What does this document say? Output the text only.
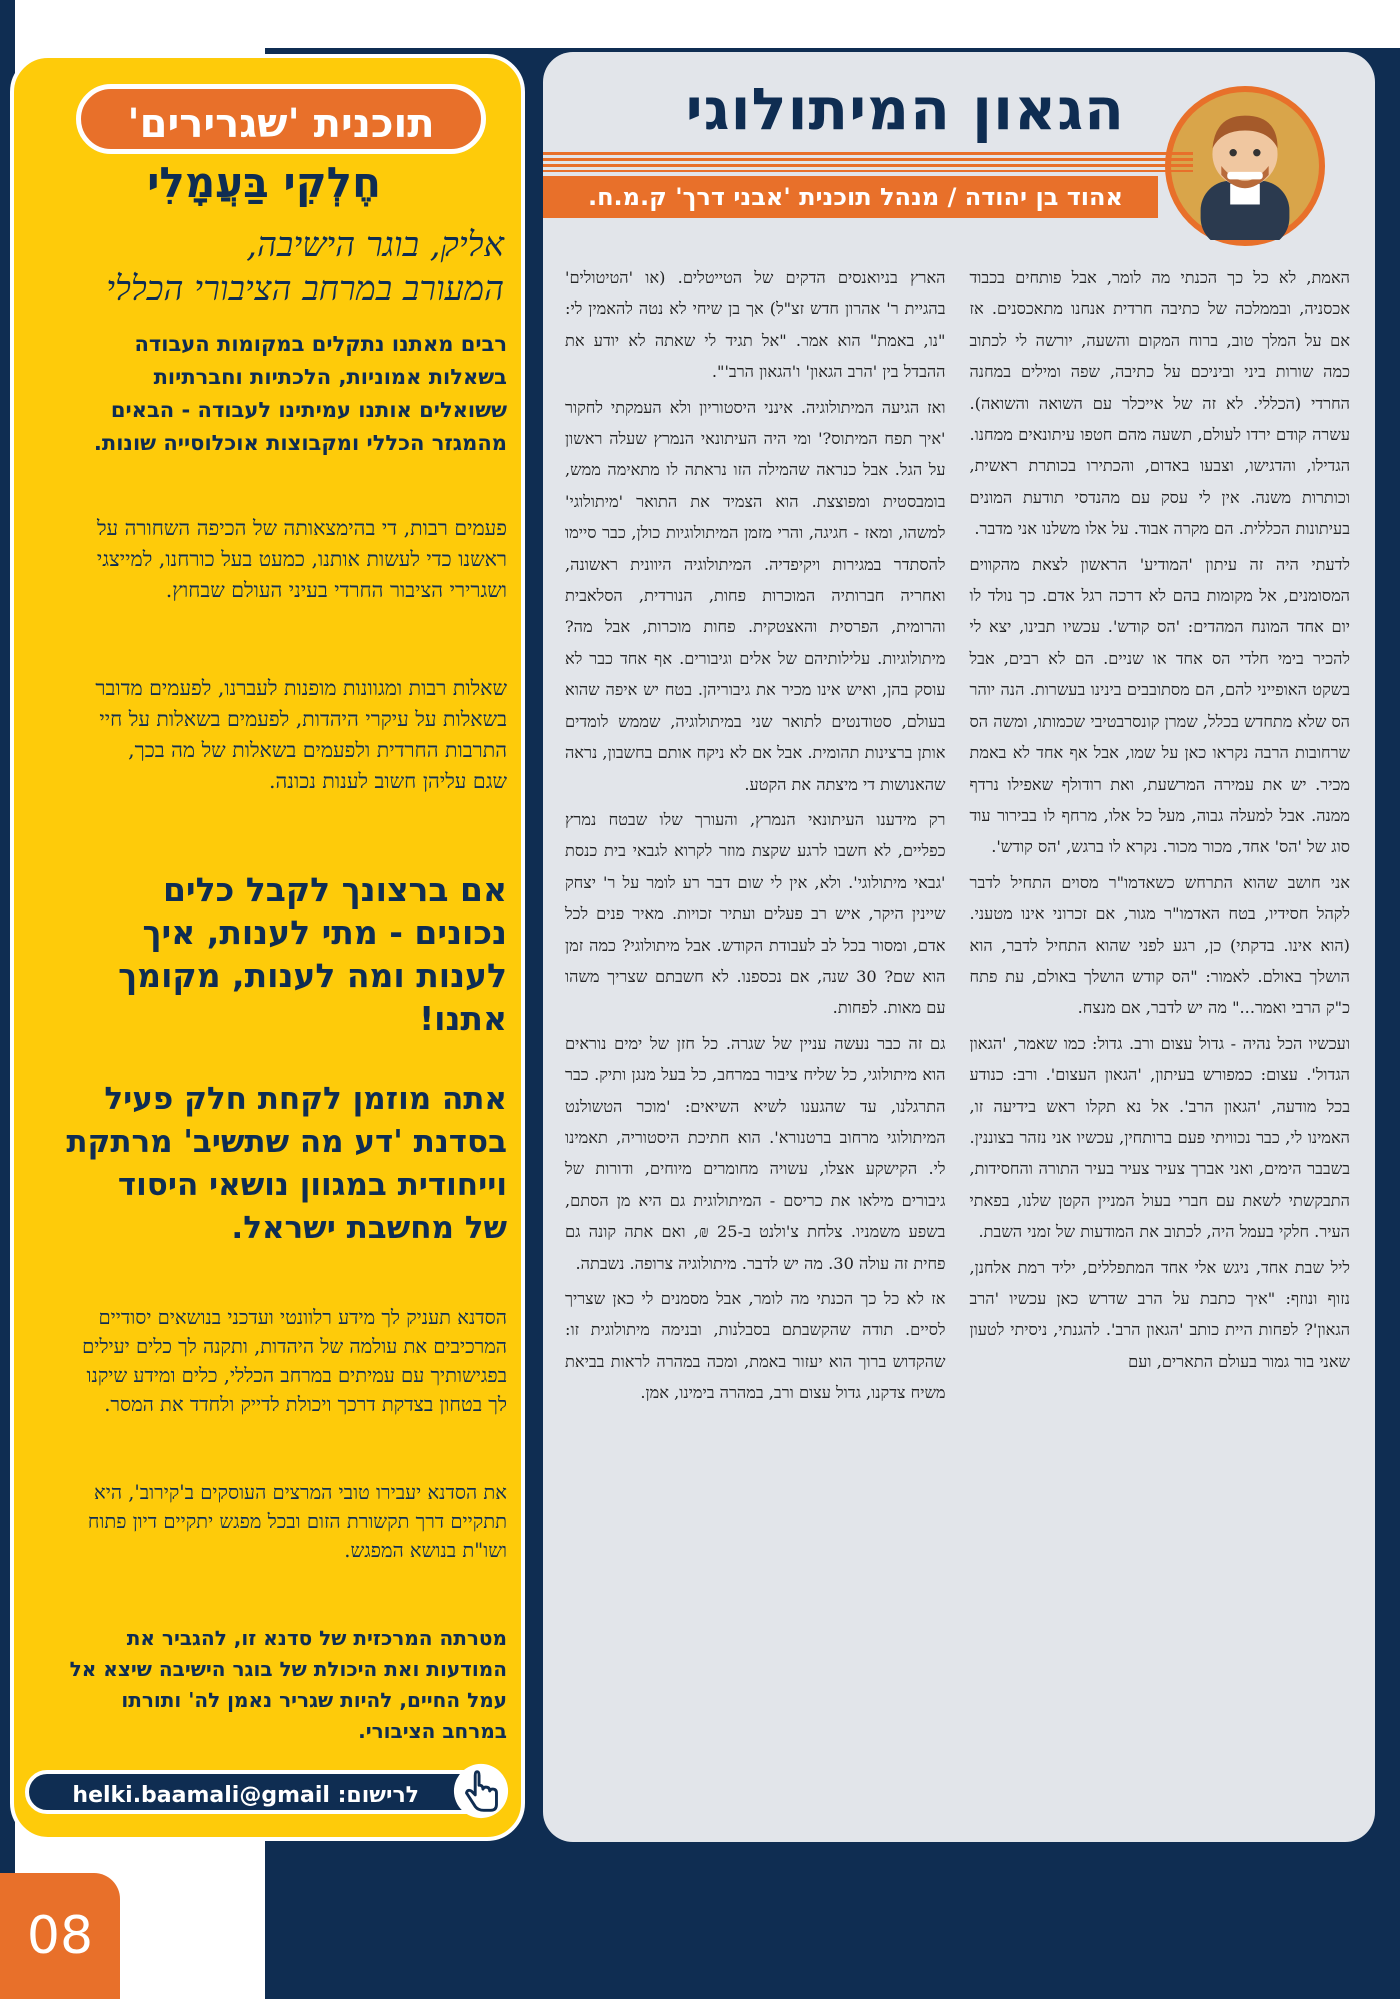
הגאון המיתולוגי
אהוד בן יהודה / מנהל תוכנית 'אבני דרך' ק.מ.ח.

האמת, לא כל כך הכנתי מה לומר, אבל פותחים בכבוד אכסניה, ובממלכה של כתיבה חרדית אנחנו מתאכסנים. אז אם על המלך טוב, ברוח המקום והשעה, יורשה לי לכתוב כמה שורות ביני וביניכם על כתיבה, שפה ומילים במחנה החרדי (הכללי. לא זה של אייכלר עם השואה והשואה). עשרה קודם ירדו לעולם, תשעה מהם חטפו עיתונאים ממחנו. הגדילו, והדגישו, וצבעו באדום, והכתירו בכותרת ראשית, וכותרות משנה. אין לי עסק עם מהנדסי תודעת המונים בעיתונות הכללית. הם מקרה אבוד. על אלו משלנו אני מדבר.

לדעתי היה זה עיתון 'המודיע' הראשון לצאת מהקווים המסומנים, אל מקומות בהם לא דרכה רגל אדם. כך נולד לו יום אחד המונח המהדים: 'הס קודש'. עכשיו תבינו, יצא לי להכיר בימי חלדי הס אחד או שניים. הם לא רבים, אבל בשקט האופייני להם, הם מסתובבים בינינו בעשרות. הנה יוהר הס שלא מתחדש בכלל, שמרן קונסרבטיבי שכמותו, ומשה הס שרחובות הרבה נקראו כאן על שמו, אבל אף אחד לא באמת מכיר. יש את עמירה המרשעת, ואת רודולף שאפילו נרדף ממנה. אבל למעלה גבוה, מעל כל אלו, מרחף לו בבירור עוד סוג של 'הס' אחד, מכור מכור. נקרא לו ברגש, 'הס קודש'.

אני חושב שהוא התרחש כשאדמו"ר מסוים התחיל לדבר לקהל חסידיו, בטח האדמו"ר מגור, אם זכרוני אינו מטעני. (הוא אינו. בדקתי) כן, רגע לפני שהוא התחיל לדבר, הוא הושלך באולם. לאמור: "הס קודש הושלך באולם, עת פתח כ"ק הרבי ואמר..." מה יש לדבר, אם מנצח.

ועכשיו הכל נהיה - גדול עצום ורב. גדול: כמו שאמר, 'הגאון הגדול'. עצום: כמפורש בעיתון, 'הגאון העצום'. ורב: כנודע בכל מודעה, 'הגאון הרב'. אל נא תקלו ראש בידיעה זו, האמינו לי, כבר נכוויתי פעם ברותחין, עכשיו אני נזהר בצוננין. בשבבר הימים, ואני אברך צעיר צעיר בעיר התורה והחסידות, התבקשתי לשאת עם חברי בעול המניין הקטן שלנו, בפאתי העיר. חלקי בעמל היה, לכתוב את המודעות של זמני השבת.

ליל שבת אחד, ניגש אלי אחד המתפללים, יליד רמת אלחנן, נזוף ונוזף: "איך כתבת על הרב שדרש כאן עכשיו 'הרב הגאון'? לפחות היית כותב 'הגאון הרב'. להגנתי, ניסיתי לטעון שאני בור גמור בעולם התארים, ועם

הארץ בניואנסים הדקים של הטייטלים. (או 'הטיטולים' בהגיית ר' אהרון חדש זצ"ל) אך בן שיחי לא נטה להאמין לי: "נו, באמת" הוא אמר. "אל תגיד לי שאתה לא יודע את ההבדל בין 'הרב הגאון' ו'הגאון הרב'".

ואז הגיעה המיתולוגיה. אינני היסטוריון ולא העמקתי לחקור 'איך תפח המיתוס?' ומי היה העיתונאי הנמרץ שעלה ראשון על הגל. אבל כנראה שהמילה הזו נראתה לו מתאימה ממש, בומבסטית ומפוצצת. הוא הצמיד את התואר 'מיתולוגי' למשהו, ומאז - חגיגה, והרי מזמן המיתולוגיות כולן, כבר סיימו להסתדר במגירות ויקיפדיה. המיתולוגיה היוונית ראשונה, ואחריה חברותיה המוכרות פחות, הנורדית, הסלאבית והרומית, הפרסית והאצטקית. פחות מוכרות, אבל מה? מיתולוגיות. עלילותיהם של אלים וגיבורים. אף אחד כבר לא עוסק בהן, ואיש אינו מכיר את גיבוריהן. בטח יש איפה שהוא בעולם, סטודנטים לתואר שני במיתולוגיה, שממש לומדים אותן ברצינות תהומית. אבל אם לא ניקח אותם בחשבון, נראה שהאנושות די מיצתה את הקטע.

רק מידענו העיתונאי הנמרץ, והעורך שלו שבטח נמרץ כפליים, לא חשבו לרגע שקצת מוזר לקרוא לגבאי בית כנסת 'גבאי מיתולוגי'. ולא, אין לי שום דבר רע לומר על ר' יצחק שיינין היקר, איש רב פעלים ועתיר זכויות. מאיר פנים לכל אדם, ומסור בכל לב לעבודת הקודש. אבל מיתולוגי? כמה זמן הוא שם? 30 שנה, אם נכספנו. לא חשבתם שצריך משהו עם מאות. לפחות.

גם זה כבר נעשה עניין של שגרה. כל חזן של ימים נוראים הוא מיתולוגי, כל שליח ציבור במרחב, כל בעל מנגן ותיק. כבר התרגלנו, עד שהגענו לשיא השיאים: 'מוכר הטשולנט המיתולוגי מרחוב ברטנורא'. הוא חתיכת היסטוריה, תאמינו לי. הקישקע אצלו, עשויה מחומרים מיוחים, ודורות של גיבורים מילאו את כריסם - המיתולוגית גם היא מן הסתם, בשפע משמניו. צלחת צ'ולנט ב-25 ₪, ואם אתה קונה גם פחית זה עולה 30. מה יש לדבר. מיתולוגיה צרופה. נשבתה.

אז לא כל כך הכנתי מה לומר, אבל מסמנים לי כאן שצריך לסיים. תודה שהקשבתם בסבלנות, ובנימה מיתולוגית זו: שהקדוש ברוך הוא יעזור באמת, ומכה במהרה לראות בביאת משיח צדקנו, גדול עצום ורב, במהרה בימינו, אמן.

תוכנית 'שגרירים'
חֶלְקִי בַּעֲמָלִי
אליק, בוגר הישיבה,
המעורב במרחב הציבורי הכללי
רבים מאתנו נתקלים במקומות העבודה בשאלות אמוניות, הלכתיות וחברתיות ששואלים אותנו עמיתינו לעבודה - הבאים מהמגזר הכללי ומקבוצות אוכלוסייה שונות.
פעמים רבות, די בהימצאותה של הכיפה השחורה על ראשנו כדי לעשות אותנו, כמעט בעל כורחנו, למייצגי ושגרירי הציבור החרדי בעיני העולם שבחוץ.
שאלות רבות ומגוונות מופנות לעברנו, לפעמים מדובר בשאלות על עיקרי היהדות, לפעמים בשאלות על חיי התרבות החרדית ולפעמים בשאלות של מה בכך,
שגם עליהן חשוב לענות נכונה.
אם ברצונך לקבל כלים נכונים - מתי לענות, איך לענות ומה לענות, מקומך אתנו!
אתה מוזמן לקחת חלק פעיל בסדנת 'דע מה שתשיב' מרתקת וייחודית במגוון נושאי היסוד
של מחשבת ישראל.
הסדנא תעניק לך מידע רלוונטי ועדכני בנושאים יסודיים המרכיבים את עולמה של היהדות, ותקנה לך כלים יעילים בפגישותיך עם עמיתים במרחב הכללי, כלים ומידע שיקנו לך בטחון בצדקת דרכך ויכולת לדייק ולחדד את המסר.
את הסדנא יעבירו טובי המרצים העוסקים ב'קירוב', היא תתקיים דרך תקשורת הזום ובכל מפגש יתקיים דיון פתוח ושו"ת בנושא המפגש.
מטרתה המרכזית של סדנא זו, להגביר את המודעות ואת היכולת של בוגר הישיבה שיצא אל עמל החיים, להיות שגריר נאמן לה' ותורתו במרחב הציבורי.
לרישום: helki.baamali@gmail
08
